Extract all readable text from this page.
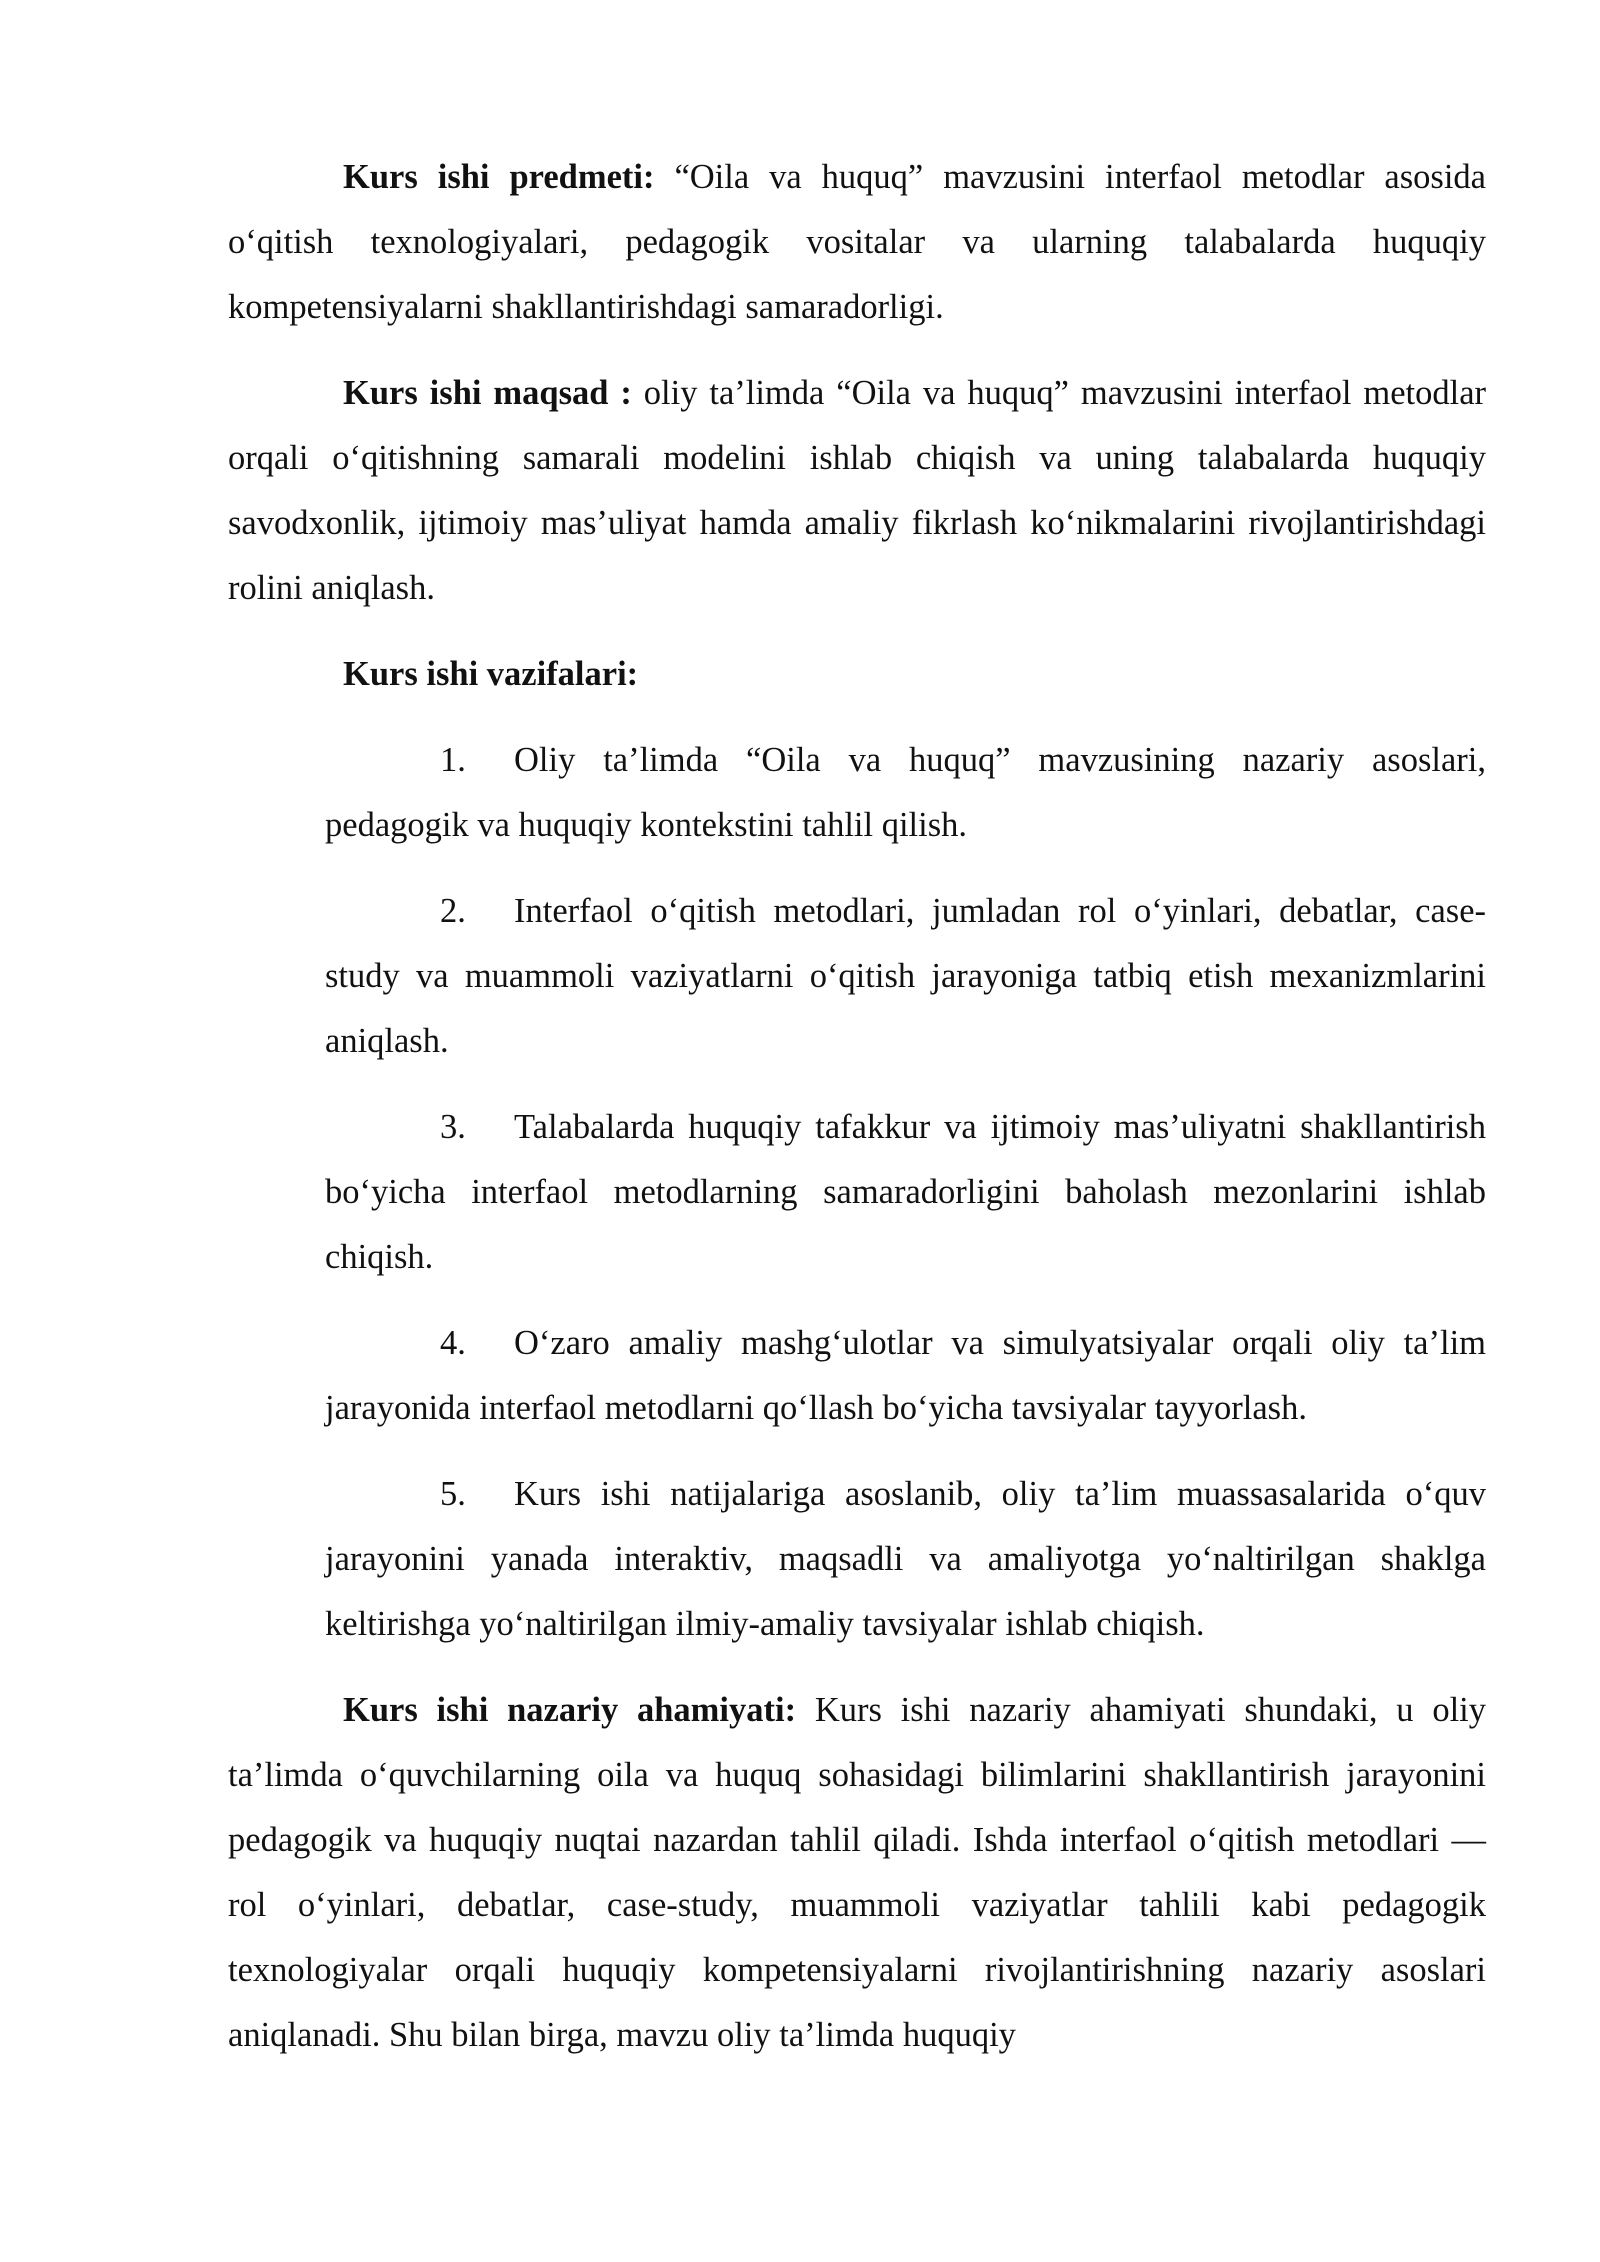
Kurs ishi predmeti: “Oila va huquq” mavzusini interfaol metodlar asosida o‘qitish texnologiyalari, pedagogik vositalar va ularning talabalarda huquqiy kompetensiyalarni shakllantirishdagi samaradorligi.

Kurs ishi maqsad : oliy ta’limda “Oila va huquq” mavzusini interfaol metodlar orqali o‘qitishning samarali modelini ishlab chiqish va uning talabalarda huquqiy savodxonlik, ijtimoiy mas’uliyat hamda amaliy fikrlash ko‘nikmalarini rivojlantirishdagi rolini aniqlash.

Kurs ishi vazifalari:

1. Oliy ta’limda “Oila va huquq” mavzusining nazariy asoslari, pedagogik va huquqiy kontekstini tahlil qilish.
2. Interfaol o‘qitish metodlari, jumladan rol o‘yinlari, debatlar, case-study va muammoli vaziyatlarni o‘qitish jarayoniga tatbiq etish mexanizmlarini aniqlash.
3. Talabalarda huquqiy tafakkur va ijtimoiy mas’uliyatni shakllantirish bo‘yicha interfaol metodlarning samaradorligini baholash mezonlarini ishlab chiqish.
4. O‘zaro amaliy mashg‘ulotlar va simulyatsiyalar orqali oliy ta’lim jarayonida interfaol metodlarni qo‘llash bo‘yicha tavsiyalar tayyorlash.
5. Kurs ishi natijalariga asoslanib, oliy ta’lim muassasalarida o‘quv jarayonini yanada interaktiv, maqsadli va amaliyotga yo‘naltirilgan shaklga keltirishga yo‘naltirilgan ilmiy-amaliy tavsiyalar ishlab chiqish.

Kurs ishi nazariy ahamiyati: Kurs ishi nazariy ahamiyati shundaki, u oliy ta’limda o‘quvchilarning oila va huquq sohasidagi bilimlarini shakllantirish jarayonini pedagogik va huquqiy nuqtai nazardan tahlil qiladi. Ishda interfaol o‘qitish metodlari — rol o‘yinlari, debatlar, case-study, muammoli vaziyatlar tahlili kabi pedagogik texnologiyalar orqali huquqiy kompetensiyalarni rivojlantirishning nazariy asoslari aniqlanadi. Shu bilan birga, mavzu oliy ta’limda huquqiy
